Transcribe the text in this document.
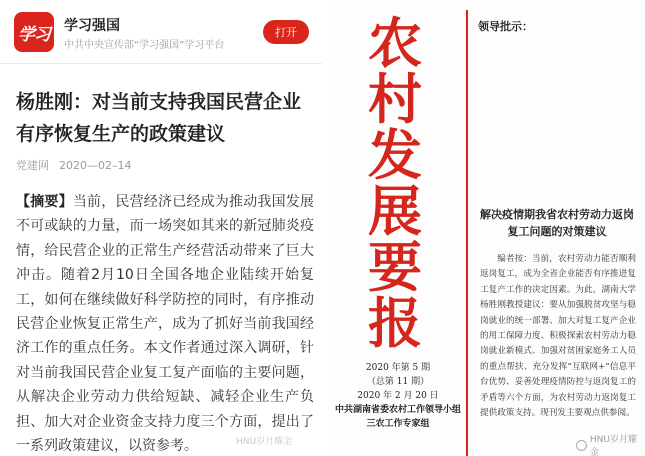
学习 学习强国
中共中央宣传部“学习强国”学习平台
打开
杨胜刚：对当前支持我国民营企业有序恢复生产的政策建议
党建网 2020—02–14
【摘要】当前，民营经济已经成为推动我国发展不可或缺的力量，而一场突如其来的新冠肺炎疫情，给民营企业的正常生产经营活动带来了巨大冲击。随着2月10日全国各地企业陆续开始复工，如何在继续做好科学防控的同时，有序推动民营企业恢复正常生产，成为了抓好当前我国经济工作的重点任务。本文作者通过深入调研，针对当前我国民营企业复工复产面临的主要问题，从解决企业劳动力供给短缺、减轻企业生产负担、加大对企业资金支持力度三个方面，提出了一系列政策建议，以资参考。	HNU岁月耀金
农
村
发
展
要
报
2020 年第 5 期
（总第 11 期）
2020 年 2 月 20 日
中共湖南省委农村工作领导小组
三农工作专家组
领导批示：
解决疫情期我省农村劳动力返岗复工问题的对策建议
编者按：当前，农村劳动力能否顺利返岗复工，成为全省企业能否有序推进复工复产工作的决定因素。为此，湖南大学杨胜刚教授建议：要从加强脱贫攻坚与稳岗就业的统一部署、加大对复工复产企业的用工保障力度、积极探索农村劳动力稳岗就业新模式、加强对贫困家庭务工人员的重点帮扶、充分发挥“互联网+”信息平台优势、妥善处理疫情防控与返岗复工的矛盾等六个方面，为农村劳动力返岗复工提供政策支持。现刊发主要观点供参阅。
HNU岁月耀金
